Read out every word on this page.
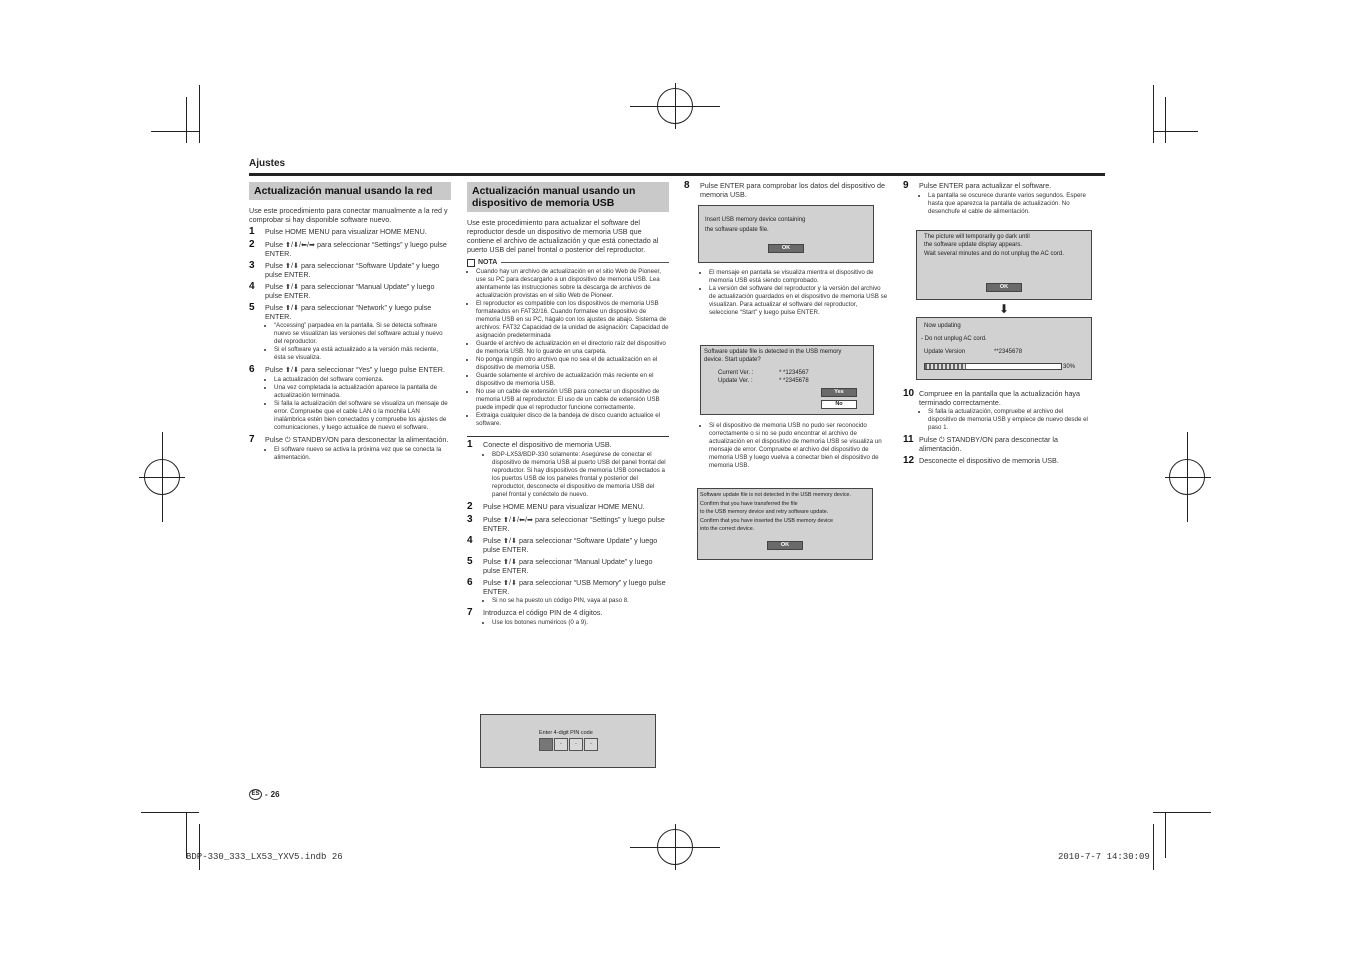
Ajustes
Actualización manual usando la red

Use este procedimiento para conectar manualmente a la red y comprobar si hay disponible software nuevo.

1	Pulse HOME MENU para visualizar HOME MENU.
2	Pulse ⬆/⬇/⬅/➡ para seleccionar “Settings” y luego pulse ENTER.
3	Pulse ⬆/⬇ para seleccionar “Software Update” y luego pulse ENTER.
4	Pulse ⬆/⬇ para seleccionar “Manual Update” y luego pulse ENTER.
5	Pulse ⬆/⬇ para seleccionar “Network” y luego pulse ENTER.
• “Accessing” parpadea en la pantalla. Si se detecta software nuevo se visualizan las versiones del software actual y nuevo del reproductor.
• Si el software ya está actualizado a la versión más reciente, ésta se visualiza.
6	Pulse ⬆/⬇ para seleccionar “Yes” y luego pulse ENTER.
• La actualización del software comienza.
• Una vez completada la actualización aparece la pantalla de actualización terminada.
• Si falla la actualización del software se visualiza un mensaje de error. Compruebe que el cable LAN o la mochila LAN inalámbrica estén bien conectados y compruebe los ajustes de comunicaciones, y luego actualice de nuevo el software.
7	Pulse ⏻ STANDBY/ON para desconectar la alimentación.
• El software nuevo se activa la próxima vez que se conecta la alimentación.
Actualización manual usando un dispositivo de memoria USB

Use este procedimiento para actualizar el software del reproductor desde un dispositivo de memoria USB que contiene el archivo de actualización y que está conectado al puerto USB del panel frontal o posterior del reproductor.

NOTA
• Cuando hay un archivo de actualización en el sitio Web de Pioneer, use su PC para descargarlo a un dispositivo de memoria USB. Lea atentamente las instrucciones sobre la descarga de archivos de actualización provistas en el sitio Web de Pioneer.
• El reproductor es compatible con los dispositivos de memoria USB formateados en FAT32/16. Cuando formatee un dispositivo de memoria USB en su PC, hágalo con los ajustes de abajo. Sistema de archivos: FAT32 Capacidad de la unidad de asignación: Capacidad de asignación predeterminada
• Guarde el archivo de actualización en el directorio raíz del dispositivo de memoria USB. No lo guarde en una carpeta.
• No ponga ningún otro archivo que no sea el de actualización en el dispositivo de memoria USB.
• Guarde solamente el archivo de actualización más reciente en el dispositivo de memoria USB.
• No use un cable de extensión USB para conectar un dispositivo de memoria USB al reproductor. El uso de un cable de extensión USB puede impedir que el reproductor funcione correctamente.
• Extraiga cualquier disco de la bandeja de disco cuando actualice el software.
1	Conecte el dispositivo de memoria USB.
• BDP-LX53/BDP-330 solamente: Asegúrese de conectar el dispositivo de memoria USB al puerto USB del panel frontal del reproductor. Si hay dispositivos de memoria USB conectados a los puertos USB de los paneles frontal y posterior del reproductor, desconecte el dispositivo de memoria USB del panel frontal y conéctelo de nuevo.
2	Pulse HOME MENU para visualizar HOME MENU.
3	Pulse ⬆/⬇/⬅/➡ para seleccionar “Settings” y luego pulse ENTER.
4	Pulse ⬆/⬇ para seleccionar “Software Update” y luego pulse ENTER.
5	Pulse ⬆/⬇ para seleccionar “Manual Update” y luego pulse ENTER.
6	Pulse ⬆/⬇ para seleccionar “USB Memory” y luego pulse ENTER.
• Si no se ha puesto un código PIN, vaya al paso 8.
7	Introduzca el código PIN de 4 dígitos.
• Use los botones numéricos (0 a 9).
Enter 4-digit PIN code
-	-	-
8	Pulse ENTER para comprobar los datos del dispositivo de memoria USB.
Insert USB memory device containing
the software update file.
OK
• El mensaje en pantalla se visualiza mientra el dispositivo de memoria USB está siendo comprobado.
• La versión del software del reproductor y la versión del archivo de actualización guardados en el dispositivo de memoria USB se visualizan. Para actualizar el software del reproductor, seleccione “Start” y luego pulse ENTER.
Software update file is detected in the USB memory
device. Start update?
Current Ver. :	* *1234567
Update Ver. :	* *2345678
Yes
No
• Si el dispositivo de memoria USB no pudo ser reconocido correctamente o si no se pudo encontrar el archivo de actualización en el dispositivo de memoria USB se visualiza un mensaje de error. Compruebe el archivo del dispositivo de memoria USB y luego vuelva a conectar bien el dispositivo de memoria USB.
Software update file is not detected in the USB memory device.
Confirm that you have transferred the file
to the USB memory device and retry software update.
Confirm that you have inserted the USB memory device
into the correct device.
OK
9	Pulse ENTER para actualizar el software.
• La pantalla se oscurece durante varios segundos. Espere hasta que aparezca la pantalla de actualización. No desenchufe el cable de alimentación.
The picture will temporarily go dark until
the software update display appears.
Wait several minutes and do not unplug the AC cord.
OK
⬇
Now updating
- Do not unplug AC cord.
Update Version	**2345678
30%
10 Compruee en la pantalla que la actualización haya terminado correctamente.
• Si falla la actualización, compruebe el archivo del dispositivo de memoria USB y empiece de nuevo desde el paso 1.
11 Pulse ⏻ STANDBY/ON para desconectar la alimentación.
12 Desconecte el dispositivo de memoria USB.
ES - 26
BDP-330_333_LX53_YXV5.indb 26	2010-7-7 14:30:09
